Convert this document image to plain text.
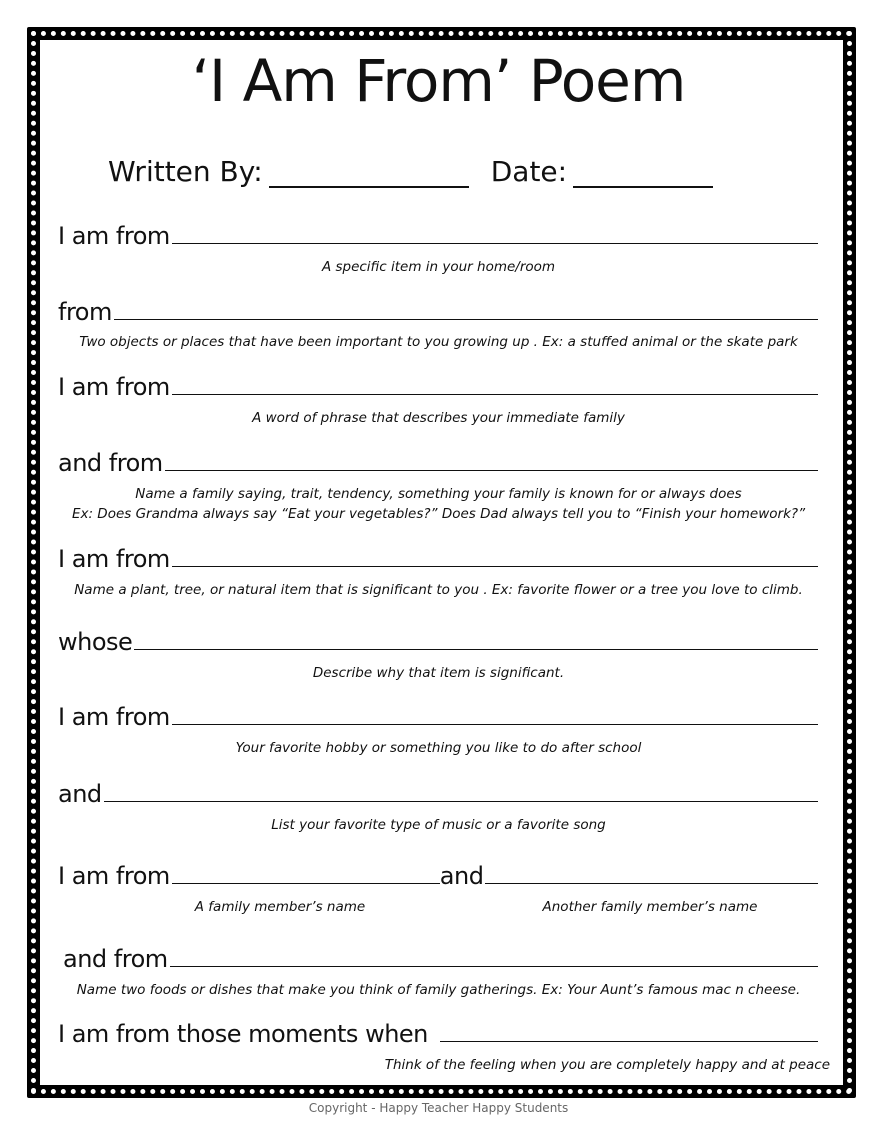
‘I Am From’ Poem
Written By:	Date:
I am from
A specific item in your home/room
from
Two objects or places that have been important to you growing up . Ex: a stuffed animal or the skate park
I am from
A word of phrase that describes your immediate family
and from
Name a family saying, trait, tendency, something your family is known for or always does
Ex: Does Grandma always say “Eat your vegetables?” Does Dad always tell you to “Finish your homework?”
I am from
Name a plant, tree, or natural item that is significant to you . Ex: favorite flower or a tree you love to climb.
whose
Describe why that item is significant.
I am from
Your favorite hobby or something you like to do after school
and
List your favorite type of music or a favorite song
I am from	and
A family member’s name	Another family member’s name
and from
Name two foods or dishes that make you think of family gatherings. Ex: Your Aunt’s famous mac n cheese.
I am from those moments when
Think of the feeling when you are completely happy and at peace
Copyright - Happy Teacher Happy Students
